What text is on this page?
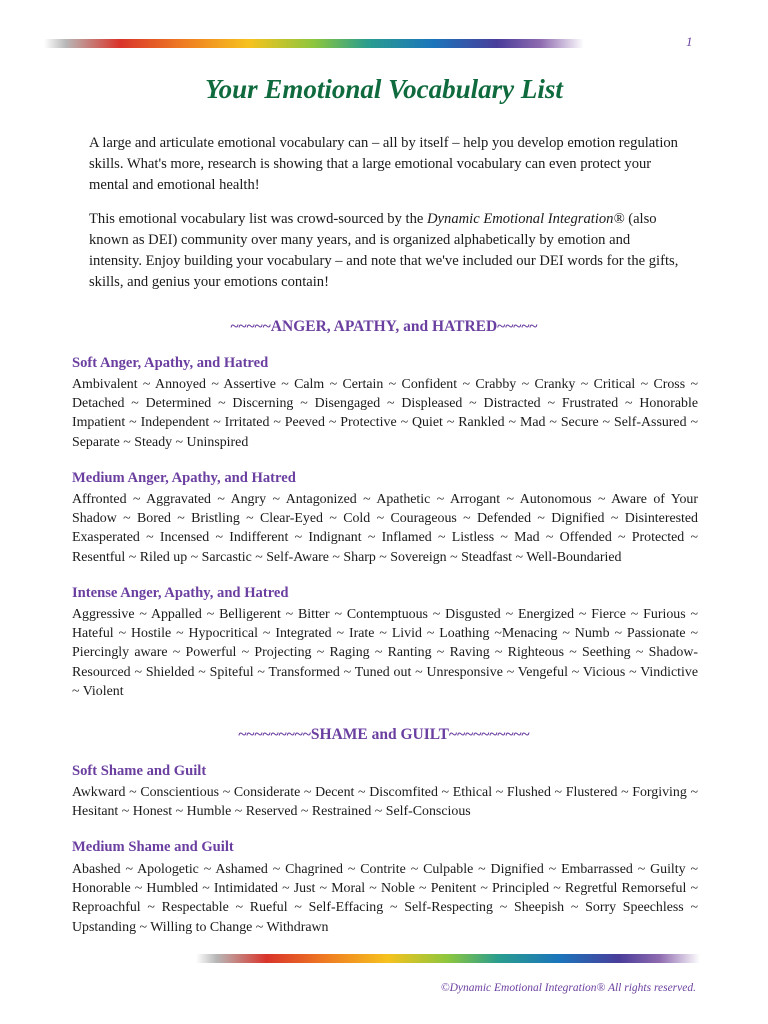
1
Your Emotional Vocabulary List
A large and articulate emotional vocabulary can – all by itself – help you develop emotion regulation skills. What's more, research is showing that a large emotional vocabulary can even protect your mental and emotional health!
This emotional vocabulary list was crowd-sourced by the Dynamic Emotional Integration® (also known as DEI) community over many years, and is organized alphabetically by emotion and intensity. Enjoy building your vocabulary – and note that we've included our DEI words for the gifts, skills, and genius your emotions contain!
~~~~~ANGER, APATHY, and HATRED~~~~~
Soft Anger, Apathy, and Hatred
Ambivalent ~ Annoyed ~ Assertive ~ Calm ~ Certain ~ Confident ~ Crabby ~ Cranky ~ Critical ~ Cross ~ Detached ~ Determined ~ Discerning ~ Disengaged ~ Displeased ~ Distracted ~ Frustrated ~ Honorable Impatient ~ Independent ~ Irritated ~ Peeved ~ Protective ~ Quiet ~ Rankled ~ Mad ~ Secure ~ Self-Assured ~ Separate ~ Steady ~ Uninspired
Medium Anger, Apathy, and Hatred
Affronted ~ Aggravated ~ Angry ~ Antagonized ~ Apathetic ~ Arrogant ~ Autonomous ~ Aware of Your Shadow ~ Bored ~ Bristling ~ Clear-Eyed ~ Cold ~ Courageous ~ Defended ~ Dignified ~ Disinterested Exasperated ~ Incensed ~ Indifferent ~ Indignant ~ Inflamed ~ Listless ~ Mad ~ Offended ~ Protected ~ Resentful ~ Riled up ~ Sarcastic ~ Self-Aware ~ Sharp ~ Sovereign ~ Steadfast ~ Well-Boundaried
Intense Anger, Apathy, and Hatred
Aggressive ~ Appalled ~ Belligerent ~ Bitter ~ Contemptuous ~ Disgusted ~ Energized ~ Fierce ~ Furious ~ Hateful ~ Hostile ~ Hypocritical ~ Integrated ~ Irate ~ Livid ~ Loathing ~Menacing ~ Numb ~ Passionate ~ Piercingly aware ~ Powerful ~ Projecting ~ Raging ~ Ranting ~ Raving ~ Righteous ~ Seething ~ Shadow-Resourced ~ Shielded ~ Spiteful ~ Transformed ~ Tuned out ~ Unresponsive ~ Vengeful ~ Vicious ~ Vindictive ~ Violent
~~~~~~~~~SHAME and GUILT~~~~~~~~~~
Soft Shame and Guilt
Awkward ~ Conscientious ~ Considerate ~ Decent ~ Discomfited ~ Ethical ~ Flushed ~ Flustered ~ Forgiving ~ Hesitant ~ Honest ~ Humble ~ Reserved ~ Restrained ~ Self-Conscious
Medium Shame and Guilt
Abashed ~ Apologetic ~ Ashamed ~ Chagrined ~ Contrite ~ Culpable ~ Dignified ~ Embarrassed ~ Guilty ~ Honorable ~ Humbled ~ Intimidated ~ Just ~ Moral ~ Noble ~ Penitent ~ Principled ~ Regretful Remorseful ~ Reproachful ~ Respectable ~ Rueful ~ Self-Effacing ~ Self-Respecting ~ Sheepish ~ Sorry Speechless ~ Upstanding ~ Willing to Change ~ Withdrawn
©Dynamic Emotional Integration® All rights reserved.
